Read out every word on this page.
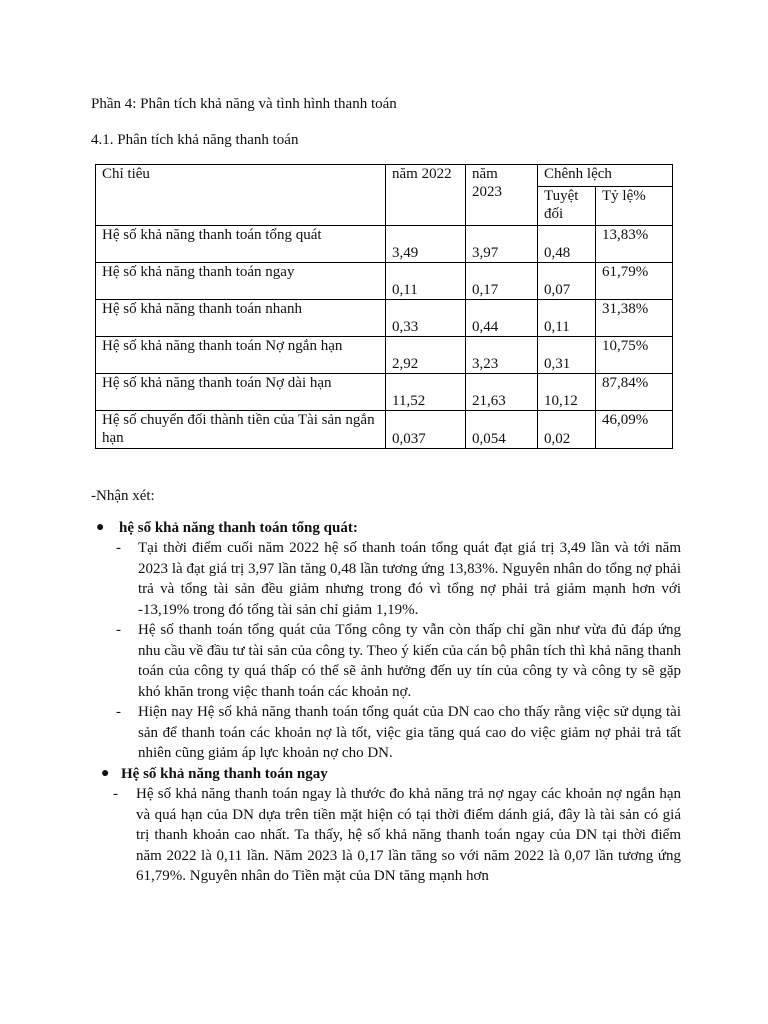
Phần 4: Phân tích khả năng và tình hình thanh toán
4.1. Phân tích khả năng thanh toán
Chỉ tiêu	năm 2022	năm 2023	Chênh lệch	
			Tuyệt đối	Tỷ lệ%
Hệ số khả năng thanh toán tổng quát	3,49	3,97	0,48	13,83%
Hệ số khả năng thanh toán ngay	0,11	0,17	0,07	61,79%
Hệ số khả năng thanh toán nhanh	0,33	0,44	0,11	31,38%
Hệ số khả năng thanh toán Nợ ngắn hạn	2,92	3,23	0,31	10,75%
Hệ số khả năng thanh toán Nợ dài hạn	11,52	21,63	10,12	87,84%
Hệ số chuyển đổi thành tiền của Tài sản ngắn hạn	0,037	0,054	0,02	46,09%

-Nhận xét:

● hệ số khả năng thanh toán tổng quát:
- Tại thời điểm cuối năm 2022 hệ số thanh toán tổng quát đạt giá trị 3,49 lần và tới năm 2023 là đạt giá trị 3,97 lần tăng 0,48 lần tương ứng 13,83%. Nguyên nhân do tổng nợ phải trả và tổng tài sản đều giảm nhưng trong đó vì tổng nợ phải trả giảm mạnh hơn với -13,19% trong đó tổng tài sản chỉ giảm 1,19%.
- Hệ số thanh toán tổng quát của Tổng công ty vẫn còn thấp chỉ gần như vừa đủ đáp ứng nhu cầu về đầu tư tài sản của công ty. Theo ý kiến của cán bộ phân tích thì khả năng thanh toán của công ty quá thấp có thể sẽ ảnh hưởng đến uy tín của công ty và công ty sẽ gặp khó khăn trong việc thanh toán các khoản nợ.
- Hiện nay Hệ số khả năng thanh toán tổng quát của DN cao cho thấy rằng việc sử dụng tài sản để thanh toán các khoản nợ là tốt, việc gia tăng quá cao do việc giảm nợ phải trả tất nhiên cũng giảm áp lực khoản nợ cho DN.
● Hệ số khả năng thanh toán ngay
- Hệ số khả năng thanh toán ngay là thước đo khả năng trả nợ ngay các khoản nợ ngắn hạn và quá hạn của DN dựa trên tiền mặt hiện có tại thời điểm dánh giá, đây là tài sản có giá trị thanh khoản cao nhất. Ta thấy, hệ số khả năng thanh toán ngay của DN tại thời điểm năm 2022 là 0,11 lần. Năm 2023 là 0,17 lần tăng so với năm 2022 là 0,07 lần tương ứng 61,79%. Nguyên nhân do Tiền mặt của DN tăng mạnh hơn
